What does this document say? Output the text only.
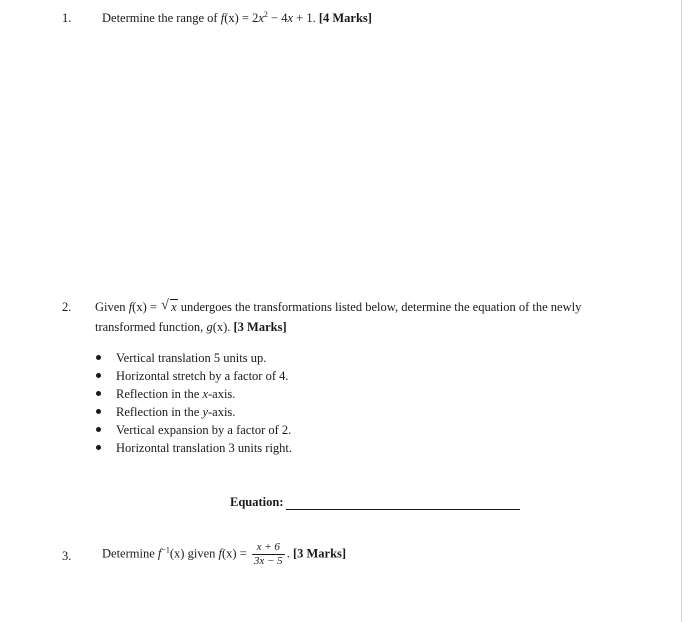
1. Determine the range of $f(x) = 2x^2 - 4x + 1$. [4 Marks]
2. Given f(x) = √ x undergoes the transformations listed below, determine the equation of the newly
transformed function, g(x). [3 Marks]
Vertical translation 5 units up.
Horizontal stretch by a factor of 4.
Reflection in the x-axis.
Reflection in the y-axis.
Vertical expansion by a factor of 2.
Horizontal translation 3 units right.
Equation:
3. Determine $f^{-1}(x)$ given $f(x) = \frac{x + 6}{3x - 5}$ . [3 Marks]
